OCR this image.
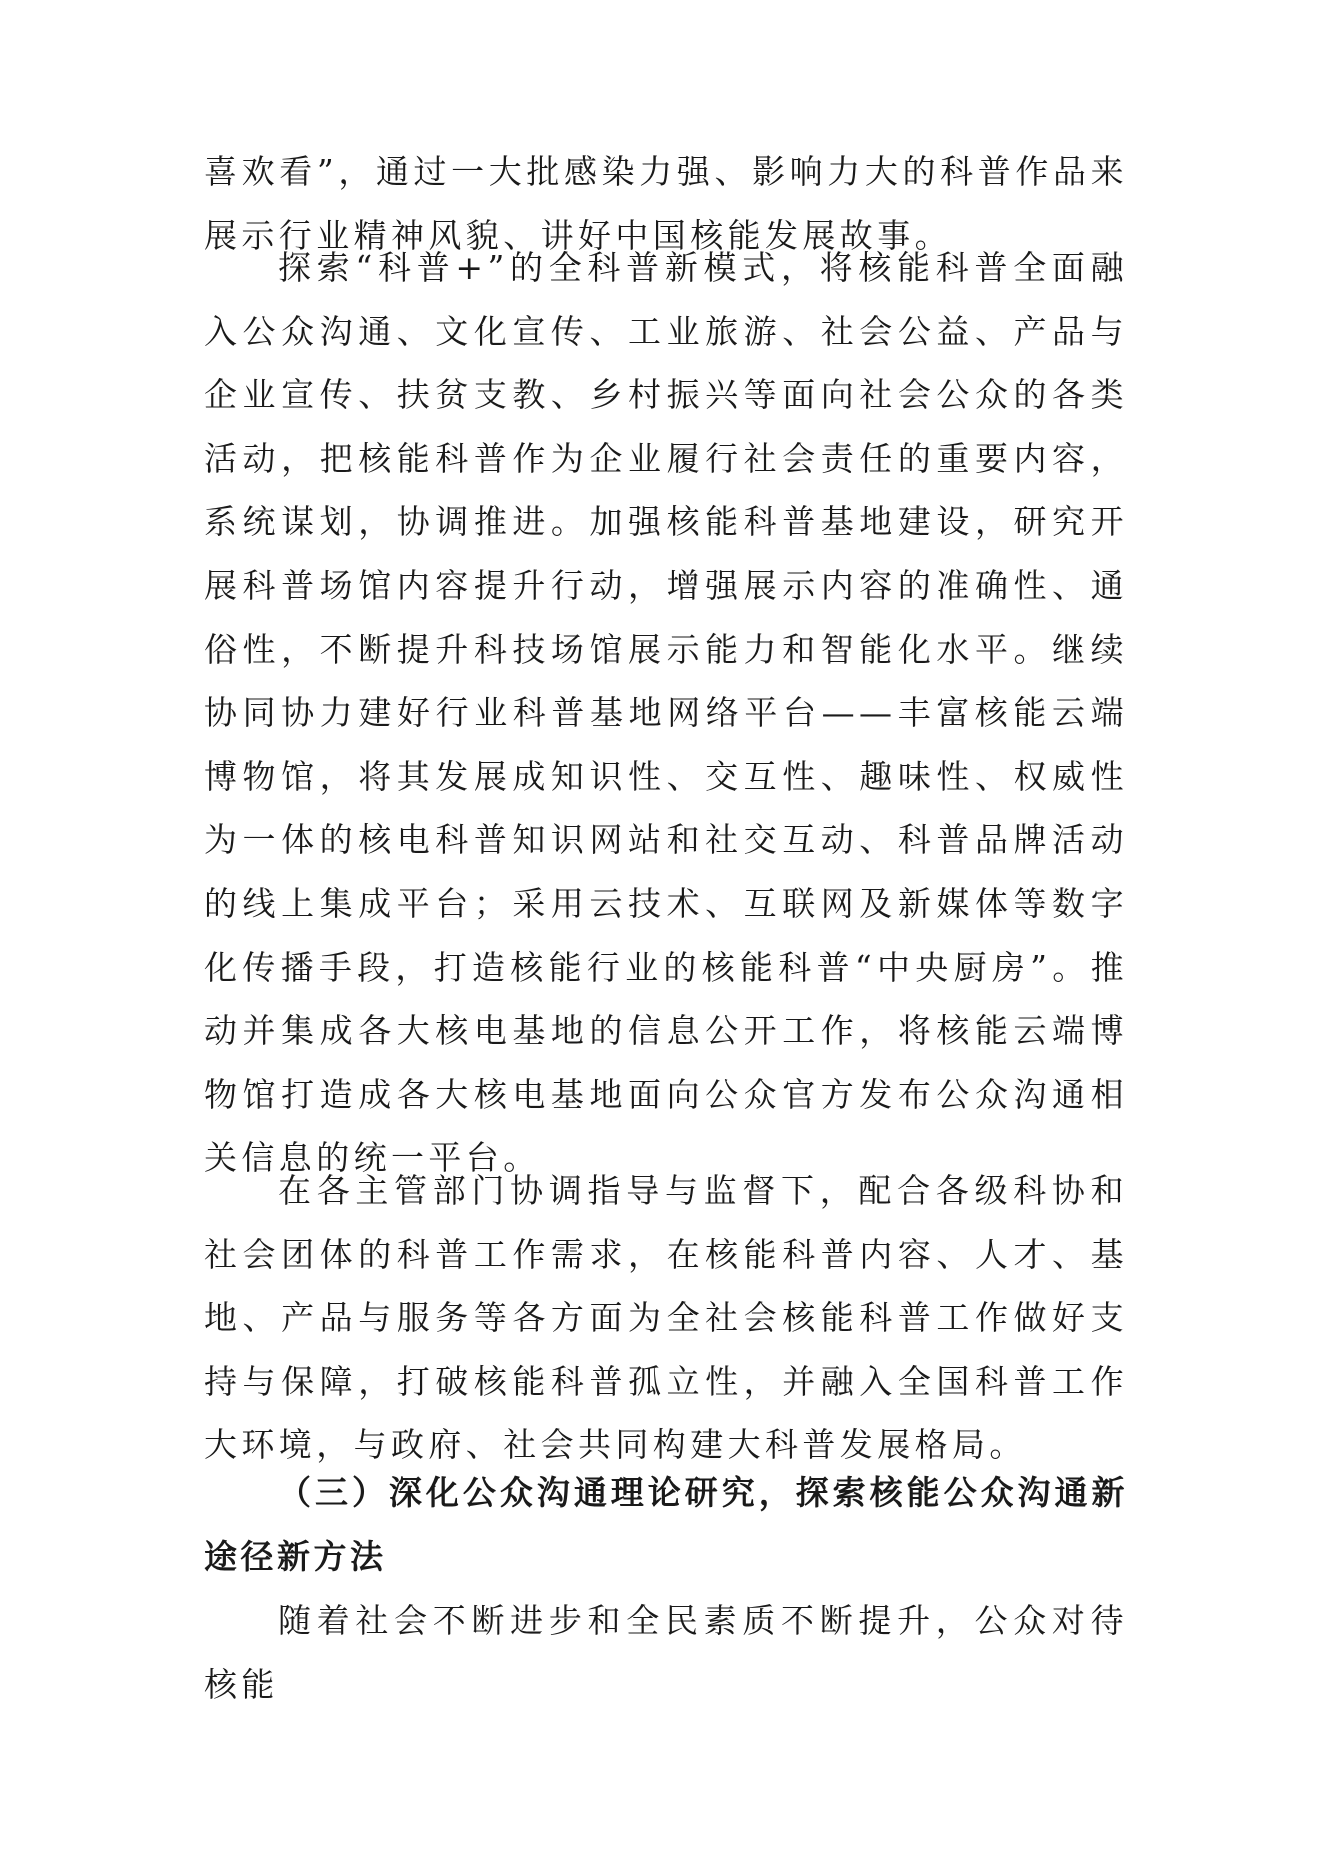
喜欢看”，通过一大批感染力强、影响力大的科普作品来展示行业精神风貌、讲好中国核能发展故事。

探索“科普+”的全科普新模式，将核能科普全面融入公众沟通、文化宣传、工业旅游、社会公益、产品与企业宣传、扶贫支教、乡村振兴等面向社会公众的各类活动，把核能科普作为企业履行社会责任的重要内容，系统谋划，协调推进。加强核能科普基地建设，研究开展科普场馆内容提升行动，增强展示内容的准确性、通俗性，不断提升科技场馆展示能力和智能化水平。继续协同协力建好行业科普基地网络平台——丰富核能云端博物馆，将其发展成知识性、交互性、趣味性、权威性为一体的核电科普知识网站和社交互动、科普品牌活动的线上集成平台；采用云技术、互联网及新媒体等数字化传播手段，打造核能行业的核能科普“中央厨房”。推动并集成各大核电基地的信息公开工作，将核能云端博物馆打造成各大核电基地面向公众官方发布公众沟通相关信息的统一平台。

在各主管部门协调指导与监督下，配合各级科协和社会团体的科普工作需求，在核能科普内容、人才、基地、产品与服务等各方面为全社会核能科普工作做好支持与保障，打破核能科普孤立性，并融入全国科普工作大环境，与政府、社会共同构建大科普发展格局。

（三）深化公众沟通理论研究，探索核能公众沟通新途径新方法

随着社会不断进步和全民素质不断提升，公众对待核能
